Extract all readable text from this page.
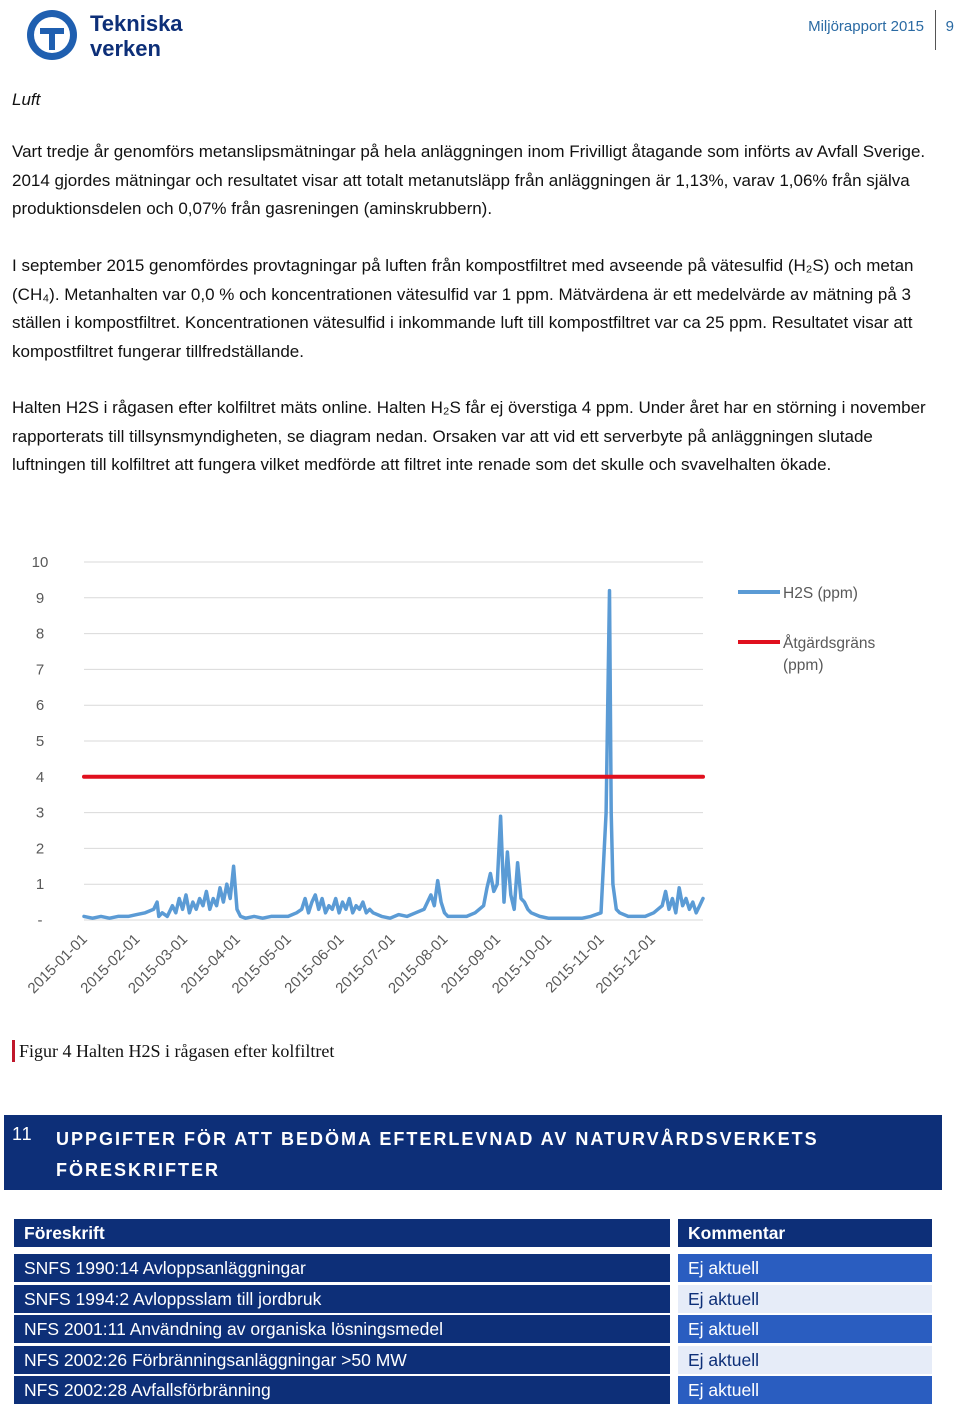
Tekniska
verken
Miljörapport 2015 9
Luft
Vart tredje år genomförs metanslipsmätningar på hela anläggningen inom Frivilligt åtagande som införts av Avfall Sverige. 2014 gjordes mätningar och resultatet visar att totalt metanutsläpp från anläggningen är 1,13%, varav 1,06% från själva produktionsdelen och 0,07% från gasreningen (aminskrubbern).
I september 2015 genomfördes provtagningar på luften från kompostfiltret med avseende på vätesulfid (H₂S) och metan (CH₄). Metanhalten var 0,0 % och koncentrationen vätesulfid var 1 ppm. Mätvärdena är ett medelvärde av mätning på 3 ställen i kompostfiltret. Koncentrationen vätesulfid i inkommande luft till kompostfiltret var ca 25 ppm. Resultatet visar att kompostfiltret fungerar tillfredställande.
Halten H2S i rågasen efter kolfiltret mäts online. Halten H₂S får ej överstiga 4 ppm. Under året har en störning i november rapporterats till tillsynsmyndigheten, se diagram nedan. Orsaken var att vid ett serverbyte på anläggningen slutade luftningen till kolfiltret att fungera vilket medförde att filtret inte renade som det skulle och svavelhalten ökade.
-
1
2
3
4
5
6
7
8
9
10
2015-01-01
2015-02-01
2015-03-01
2015-04-01
2015-05-01
2015-06-01
2015-07-01
2015-08-01
2015-09-01
2015-10-01
2015-11-01
2015-12-01
H2S (ppm)
Åtgärdsgräns
(ppm)
Figur 4 Halten H2S i rågasen efter kolfiltret
11 UPPGIFTER FÖR ATT BEDÖMA EFTERLEVNAD AV NATURVÅRDSVERKETS FÖRESKRIFTER
Föreskrift	Kommentar
SNFS 1990:14 Avloppsanläggningar	Ej aktuell
SNFS 1994:2 Avloppsslam till jordbruk	Ej aktuell
NFS 2001:11 Användning av organiska lösningsmedel	Ej aktuell
NFS 2002:26 Förbränningsanläggningar >50 MW	Ej aktuell
NFS 2002:28 Avfallsförbränning	Ej aktuell
